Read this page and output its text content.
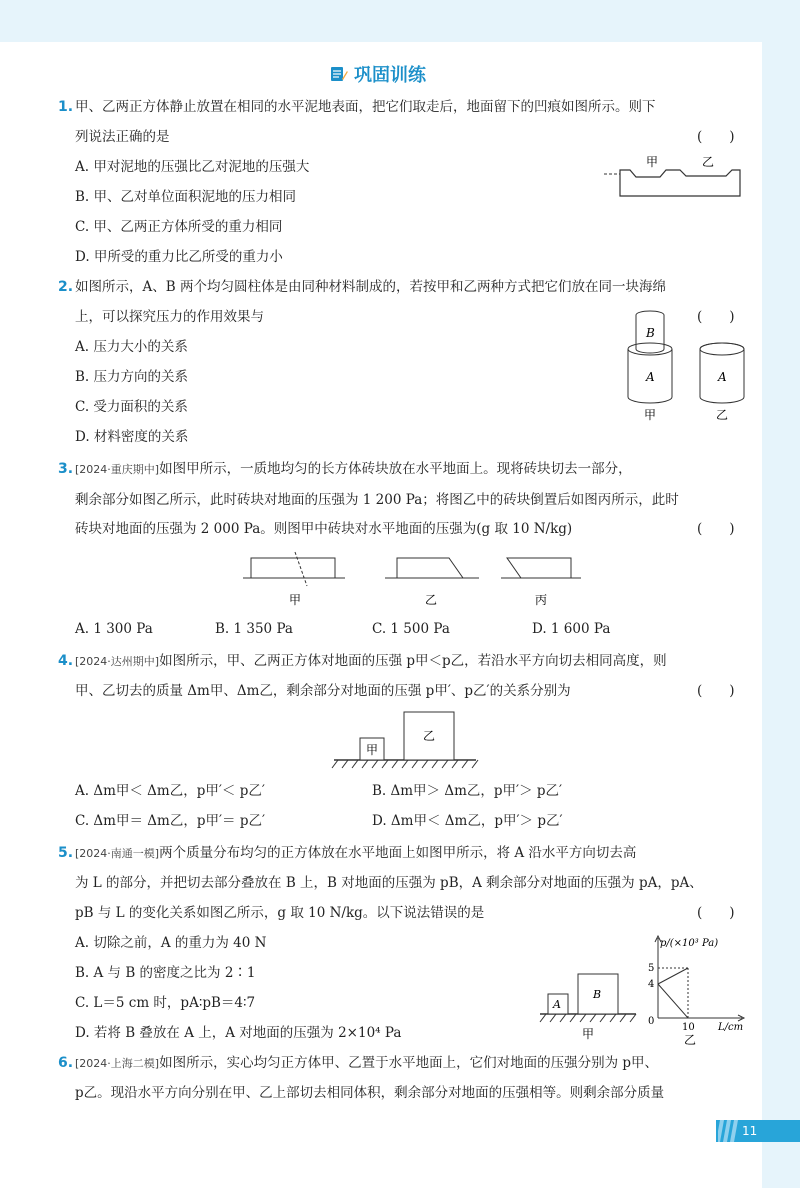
巩固训练
1. 甲、乙两正方体静止放置在相同的水平泥地表面，把它们取走后，地面留下的凹痕如图所示。则下
列说法正确的是	(　　)
A. 甲对泥地的压强比乙对泥地的压强大
B. 甲、乙对单位面积泥地的压力相同
C. 甲、乙两正方体所受的重力相同
D. 甲所受的重力比乙所受的重力小
甲	乙
2. 如图所示，A、B 两个均匀圆柱体是由同种材料制成的，若按甲和乙两种方式把它们放在同一块海绵
上，可以探究压力的作用效果与	(　　)
A. 压力大小的关系
B. 压力方向的关系
C. 受力面积的关系
D. 材料密度的关系
B
A	A
甲	乙
3. [2024·重庆期中]如图甲所示，一质地均匀的长方体砖块放在水平地面上。现将砖块切去一部分，
剩余部分如图乙所示，此时砖块对地面的压强为 1 200 Pa；将图乙中的砖块倒置后如图丙所示，此时
砖块对地面的压强为 2 000 Pa。则图甲中砖块对水平地面的压强为(g 取 10 N/kg)	(　　)
甲	乙	丙
A. 1 300 Pa	B. 1 350 Pa	C. 1 500 Pa	D. 1 600 Pa
4. [2024·达州期中]如图所示，甲、乙两正方体对地面的压强 p甲＜p乙，若沿水平方向切去相同高度，则
甲、乙切去的质量 Δm甲、Δm乙，剩余部分对地面的压强 p甲′、p乙′的关系分别为	(　　)
甲
乙
A. Δm甲＜ Δm乙，p甲′＜ p乙′	B. Δm甲＞ Δm乙，p甲′＞ p乙′
C. Δm甲＝ Δm乙，p甲′＝ p乙′	D. Δm甲＜ Δm乙，p甲′＞ p乙′
5. [2024·南通一模]两个质量分布均匀的正方体放在水平地面上如图甲所示，将 A 沿水平方向切去高
为 L 的部分，并把切去部分叠放在 B 上，B 对地面的压强为 pB，A 剩余部分对地面的压强为 pA，pA、
pB 与 L 的变化关系如图乙所示，g 取 10 N/kg。以下说法错误的是	(　　)
A. 切除之前，A 的重力为 40 N
B. A 与 B 的密度之比为 2∶1
C. L＝5 cm 时，pA∶pB＝4∶7
D. 若将 B 叠放在 A 上，A 对地面的压强为 2×10⁴ Pa
A
B
甲
p/(×10³ Pa)
5
4
0
10 L/cm
乙
6. [2024·上海二模]如图所示，实心均匀正方体甲、乙置于水平地面上，它们对地面的压强分别为 p甲、
p乙。现沿水平方向分别在甲、乙上部切去相同体积，剩余部分对地面的压强相等。则剩余部分质量
11
